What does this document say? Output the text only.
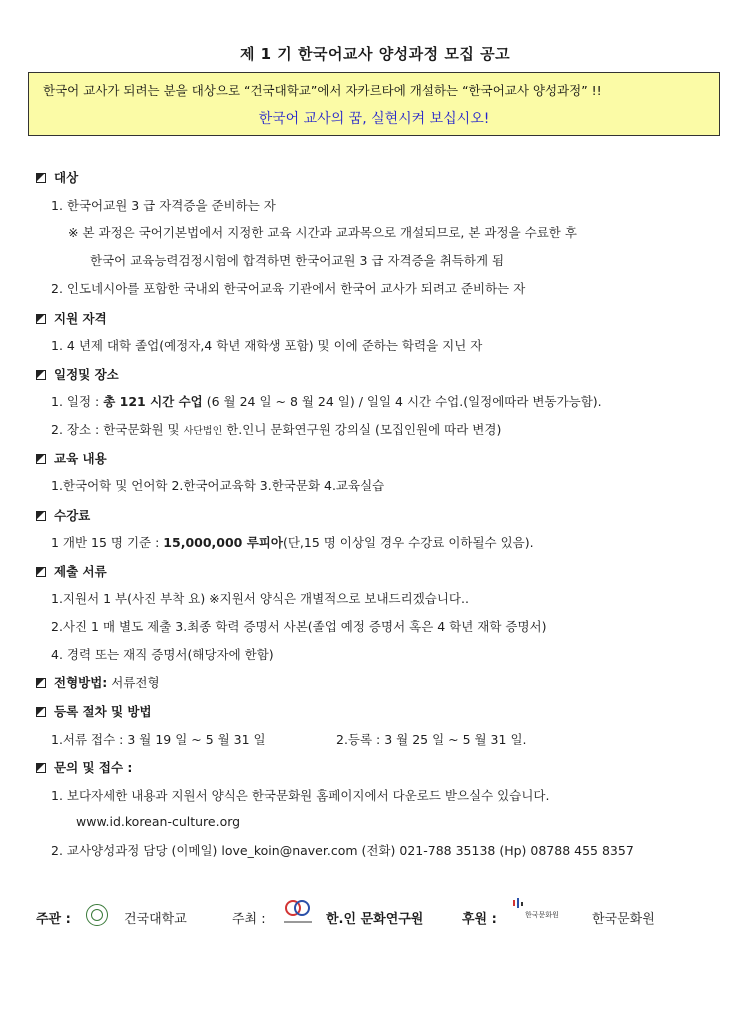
제 1 기 한국어교사 양성과정 모집 공고
한국어 교사가 되려는 분을 대상으로 “건국대학교”에서 자카르타에 개설하는 “한국어교사 양성과정” !!
한국어 교사의 꿈, 실현시켜 보십시오!
대상
1. 한국어교원 3 급 자격증을 준비하는 자
※ 본 과정은 국어기본법에서 지정한 교육 시간과 교과목으로 개설되므로, 본 과정을 수료한 후
한국어 교육능력검정시험에 합격하면 한국어교원 3 급 자격증을 취득하게 됨
2. 인도네시아를 포함한 국내외 한국어교육 기관에서 한국어 교사가 되려고 준비하는 자
지원 자격
1. 4 년제 대학 졸업(예정자,4 학년 재학생 포함) 및 이에 준하는 학력을 지닌 자
일정및 장소
1. 일정 : 총 121 시간 수업 (6 월 24 일 ~ 8 월 24 일) / 일일 4 시간 수업.(일정에따라 변동가능함).
2. 장소 : 한국문화원 및 사단법인 한.인니 문화연구원 강의실 (모집인원에 따라 변경)
교육 내용
1.한국어학 및 언어학 2.한국어교육학 3.한국문화 4.교육실습
수강료
1 개반 15 명 기준 : 15,000,000 루피아(단,15 명 이상일 경우 수강료 이하될수 있음).
제출 서류
1.지원서 1 부(사진 부착 요) ※지원서 양식은 개별적으로 보내드리겠습니다..
2.사진 1 매 별도 제출 3.최종 학력 증명서 사본(졸업 예정 증명서 혹은 4 학년 재학 증명서)
4. 경력 또는 재직 증명서(해당자에 한함)
전형방법: 서류전형
등록 절차 및 방법
1.서류 접수 : 3 월 19 일 ~ 5 월 31 일	2.등록 : 3 월 25 일 ~ 5 월 31 일.
문의 및 접수 :
1. 보다자세한 내용과 지원서 양식은 한국문화원 홈페이지에서 다운로드 받으실수 있습니다.
www.id.korean-culture.org
2. 교사양성과정 담당 (이메일) love_koin@naver.com (전화) 021-788 35138 (Hp) 08788 455 8357
주관 :	건국대학교	주최 :	한.인 문화연구원	후원 :	한국문화원	한국문화원
